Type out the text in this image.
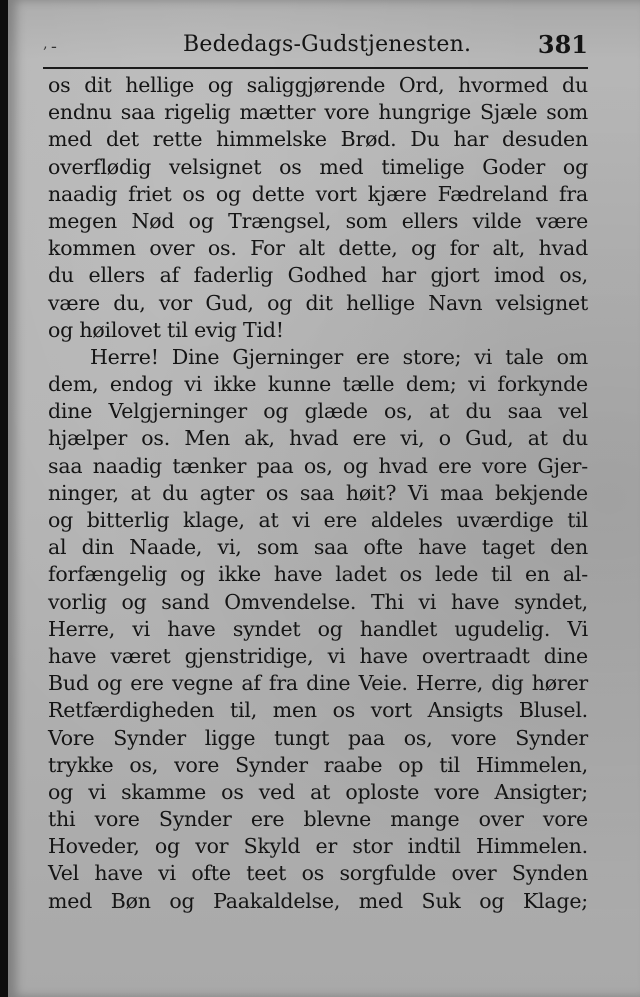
‚ ـ	Bededags-Gudstjenesten.	381
os dit hellige og saliggjørende Ord, hvormed du
endnu saa rigelig mætter vore hungrige Sjæle som
med det rette himmelske Brød. Du har desuden
overflødig velsignet os med timelige Goder og
naadig friet os og dette vort kjære Fædreland fra
megen Nød og Trængsel, som ellers vilde være
kommen over os. For alt dette, og for alt, hvad
du ellers af faderlig Godhed har gjort imod os,
være du, vor Gud, og dit hellige Navn velsignet
og høilovet til evig Tid!
Herre! Dine Gjerninger ere store; vi tale om
dem, endog vi ikke kunne tælle dem; vi forkynde
dine Velgjerninger og glæde os, at du saa vel
hjælper os. Men ak, hvad ere vi, o Gud, at du
saa naadig tænker paa os, og hvad ere vore Gjer-
ninger, at du agter os saa høit? Vi maa bekjende
og bitterlig klage, at vi ere aldeles uværdige til
al din Naade, vi, som saa ofte have taget den
forfængelig og ikke have ladet os lede til en al-
vorlig og sand Omvendelse. Thi vi have syndet,
Herre, vi have syndet og handlet ugudelig. Vi
have været gjenstridige, vi have overtraadt dine
Bud og ere vegne af fra dine Veie. Herre, dig hører
Retfærdigheden til, men os vort Ansigts Blusel.
Vore Synder ligge tungt paa os, vore Synder
trykke os, vore Synder raabe op til Himmelen,
og vi skamme os ved at oploste vore Ansigter;
thi vore Synder ere blevne mange over vore
Hoveder, og vor Skyld er stor indtil Himmelen.
Vel have vi ofte teet os sorgfulde over Synden
med Bøn og Paakaldelse, med Suk og Klage;
